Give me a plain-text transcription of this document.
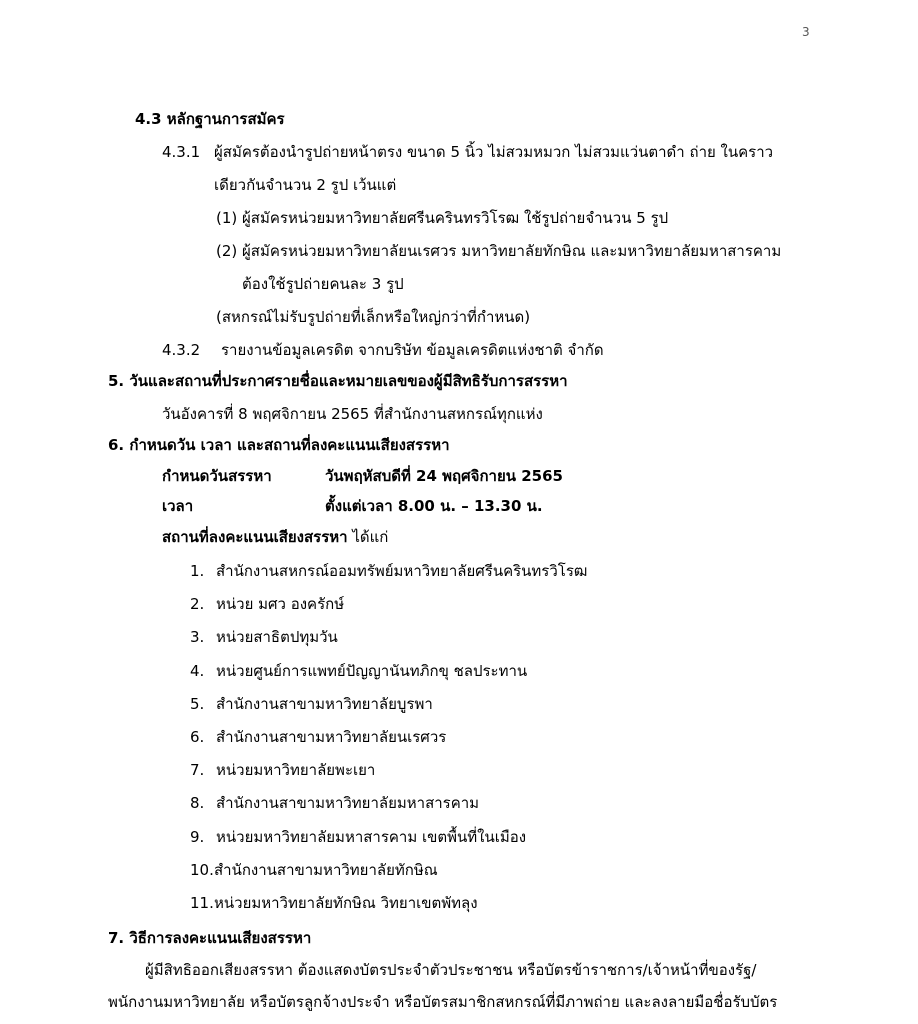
3
4.3 หลักฐานการสมัคร
4.3.1 ผู้สมัครต้องนำรูปถ่ายหน้าตรง ขนาด 5 นิ้ว ไม่สวมหมวก ไม่สวมแว่นตาดำ ถ่าย ในคราว
เดียวกันจำนวน 2 รูป เว้นแต่
(1) ผู้สมัครหน่วยมหาวิทยาลัยศรีนครินทรวิโรฒ ใช้รูปถ่ายจำนวน 5 รูป
(2) ผู้สมัครหน่วยมหาวิทยาลัยนเรศวร มหาวิทยาลัยทักษิณ และมหาวิทยาลัยมหาสารคาม
ต้องใช้รูปถ่ายคนละ 3 รูป
(สหกรณ์ไม่รับรูปถ่ายที่เล็กหรือใหญ่กว่าที่กำหนด)
4.3.2 รายงานข้อมูลเครดิต จากบริษัท ข้อมูลเครดิตแห่งชาติ จำกัด
5. วันและสถานที่ประกาศรายชื่อและหมายเลขของผู้มีสิทธิรับการสรรหา
วันอังคารที่ 8 พฤศจิกายน 2565 ที่สำนักงานสหกรณ์ทุกแห่ง
6. กำหนดวัน เวลา และสถานที่ลงคะแนนเสียงสรรหา
กำหนดวันสรรหา	วันพฤหัสบดีที่ 24 พฤศจิกายน 2565
เวลา	ตั้งแต่เวลา 8.00 น. – 13.30 น.
สถานที่ลงคะแนนเสียงสรรหา ได้แก่
1. สำนักงานสหกรณ์ออมทรัพย์มหาวิทยาลัยศรีนครินทรวิโรฒ
2. หน่วย มศว องครักษ์
3. หน่วยสาธิตปทุมวัน
4. หน่วยศูนย์การแพทย์ปัญญานันทภิกขุ ชลประทาน
5. สำนักงานสาขามหาวิทยาลัยบูรพา
6. สำนักงานสาขามหาวิทยาลัยนเรศวร
7. หน่วยมหาวิทยาลัยพะเยา
8. สำนักงานสาขามหาวิทยาลัยมหาสารคาม
9. หน่วยมหาวิทยาลัยมหาสารคาม เขตพื้นที่ในเมือง
10. สำนักงานสาขามหาวิทยาลัยทักษิณ
11. หน่วยมหาวิทยาลัยทักษิณ วิทยาเขตพัทลุง
7. วิธีการลงคะแนนเสียงสรรหา
ผู้มีสิทธิออกเสียงสรรหา ต้องแสดงบัตรประจำตัวประชาชน หรือบัตรข้าราชการ/เจ้าหน้าที่ของรัฐ/
พนักงานมหาวิทยาลัย หรือบัตรลูกจ้างประจำ หรือบัตรสมาชิกสหกรณ์ที่มีภาพถ่าย และลงลายมือชื่อรับบัตร
